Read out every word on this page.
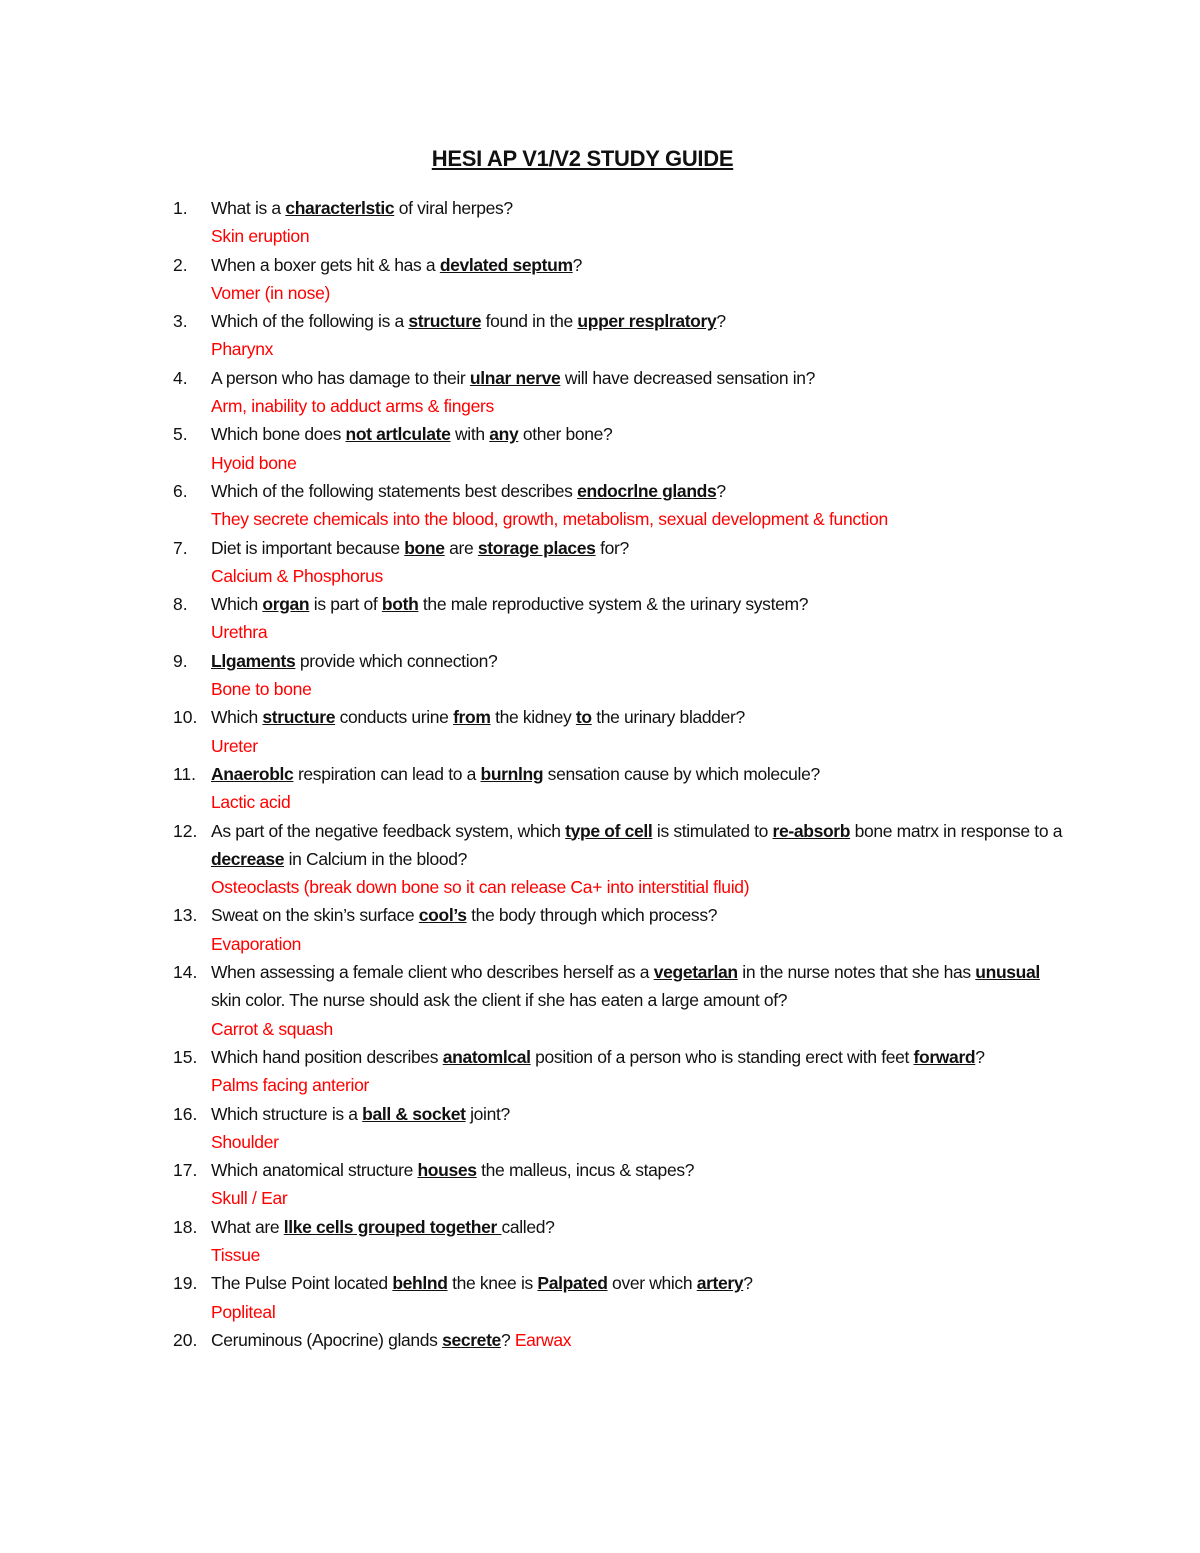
HESI AP V1/V2 STUDY GUIDE
1.	What is a characterlstic of viral herpes?
Skin eruption
2.	When a boxer gets hit & has a devlated septum?
Vomer (in nose)
3.	Which of the following is a structure found in the upper resplratory?
Pharynx
4.	A person who has damage to their ulnar nerve will have decreased sensation in?
Arm, inability to adduct arms & fingers
5.	Which bone does not artlculate with any other bone?
Hyoid bone
6.	Which of the following statements best describes endocrlne glands?
They secrete chemicals into the blood, growth, metabolism, sexual development & function
7.	Diet is important because bone are storage places for?
Calcium & Phosphorus
8.	Which organ is part of both the male reproductive system & the urinary system?
Urethra
9.	Llgaments provide which connection?
Bone to bone
10. Which structure conducts urine from the kidney to the urinary bladder?
Ureter
11. Anaeroblc respiration can lead to a burnlng sensation cause by which molecule?
Lactic acid
12. As part of the negative feedback system, which type of cell is stimulated to re-absorb bone matrx in response to a decrease in Calcium in the blood?
Osteoclasts (break down bone so it can release Ca+ into interstitial fluid)
13. Sweat on the skin’s surface cool’s the body through which process?
Evaporation
14. When assessing a female client who describes herself as a vegetarlan in the nurse notes that she has unusual skin color. The nurse should ask the client if she has eaten a large amount of?
Carrot & squash
15. Which hand position describes anatomlcal position of a person who is standing erect with feet forward?
Palms facing anterior
16. Which structure is a ball & socket joint?
Shoulder
17. Which anatomical structure houses the malleus, incus & stapes?
Skull / Ear
18. What are llke cells grouped together called?
Tissue
19. The Pulse Point located behlnd the knee is Palpated over which artery?
Popliteal
20. Ceruminous (Apocrine) glands secrete? Earwax
